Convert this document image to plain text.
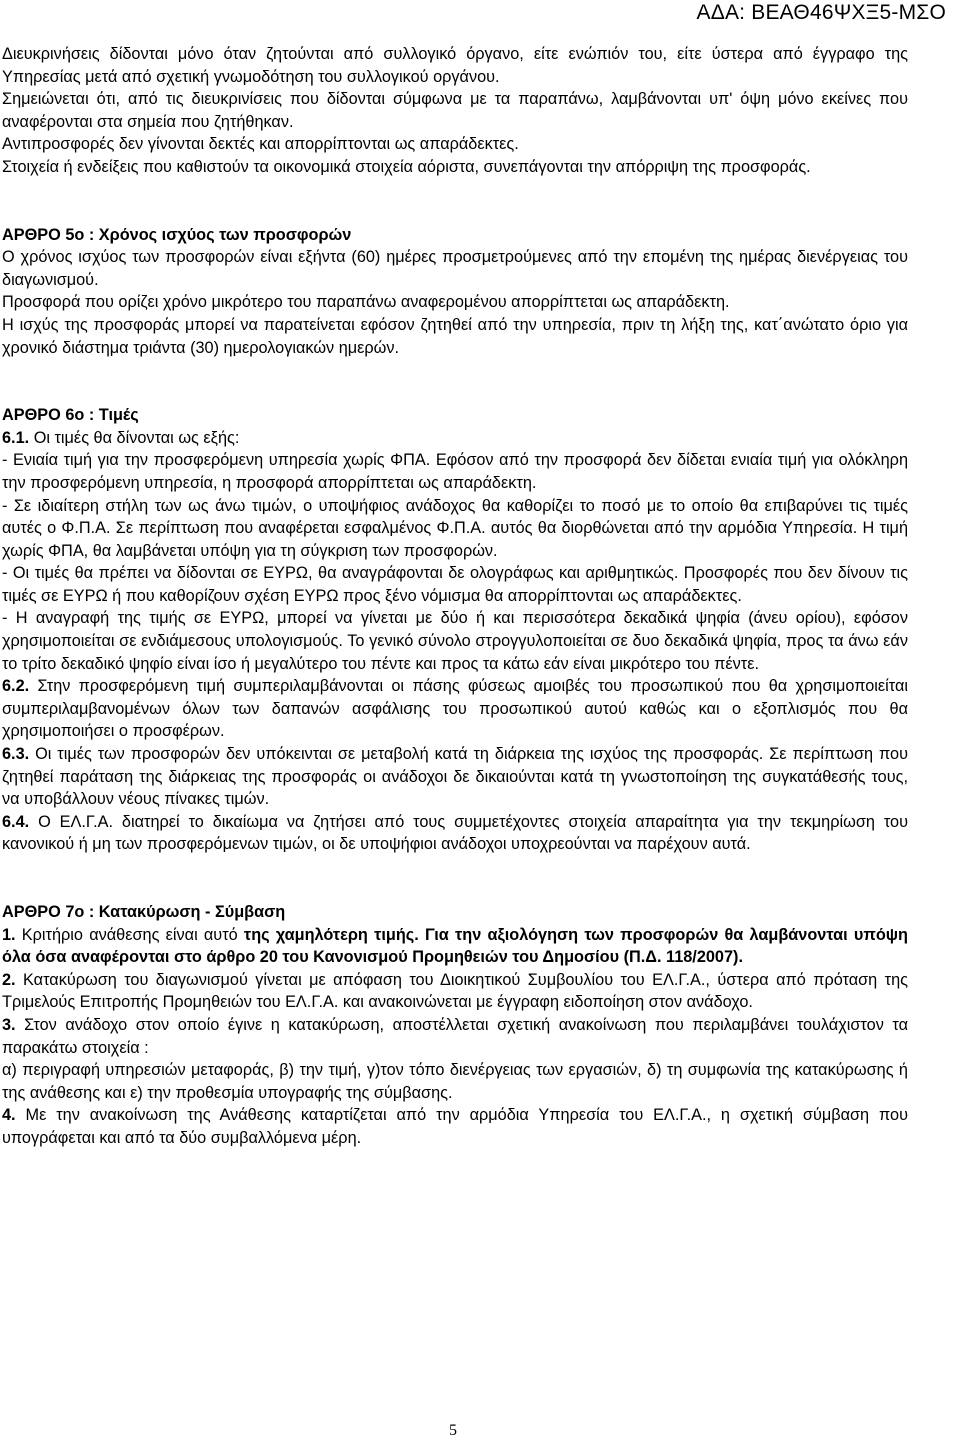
ΑΔΑ: ΒΕΑΘ46ΨΧΞ5-ΜΣΟ

Διευκρινήσεις δίδονται μόνο όταν ζητούνται από συλλογικό όργανο, είτε ενώπιόν του, είτε ύστερα από έγγραφο της Υπηρεσίας μετά από σχετική γνωμοδότηση του συλλογικού οργάνου.

Σημειώνεται ότι, από τις διευκρινίσεις που δίδονται σύμφωνα με τα παραπάνω, λαμβάνονται υπ' όψη μόνο εκείνες που αναφέρονται στα σημεία που ζητήθηκαν.

Αντιπροσφορές δεν γίνονται δεκτές και απορρίπτονται ως απαράδεκτες.

Στοιχεία ή ενδείξεις που καθιστούν τα οικονομικά στοιχεία αόριστα, συνεπάγονται την απόρριψη της προσφοράς.

ΑΡΘΡΟ 5ο : Χρόνος ισχύος των προσφορών

Ο χρόνος ισχύος των προσφορών είναι εξήντα (60) ημέρες προσμετρούμενες από την επομένη της ημέρας διενέργειας του διαγωνισμού.

Προσφορά που ορίζει χρόνο μικρότερο του παραπάνω αναφερομένου απορρίπτεται ως απαράδεκτη.

Η ισχύς της προσφοράς μπορεί να παρατείνεται εφόσον ζητηθεί από την υπηρεσία, πριν τη λήξη της, κατ΄ανώτατο όριο για χρονικό διάστημα τριάντα (30) ημερολογιακών ημερών.

ΑΡΘΡΟ 6ο : Τιμές

6.1. Οι τιμές θα δίνονται ως εξής:

- Ενιαία τιμή για την προσφερόμενη υπηρεσία χωρίς ΦΠΑ. Εφόσον από την προσφορά δεν δίδεται ενιαία τιμή για ολόκληρη την προσφερόμενη υπηρεσία, η προσφορά απορρίπτεται ως απαράδεκτη.

- Σε ιδιαίτερη στήλη των ως άνω τιμών, ο υποψήφιος ανάδοχος θα καθορίζει το ποσό με το οποίο θα επιβαρύνει τις τιμές αυτές ο Φ.Π.Α. Σε περίπτωση που αναφέρεται εσφαλμένος Φ.Π.Α. αυτός θα διορθώνεται από την αρμόδια Υπηρεσία. Η τιμή χωρίς ΦΠΑ, θα λαμβάνεται υπόψη για τη σύγκριση των προσφορών.

- Οι τιμές θα πρέπει να δίδονται σε ΕΥΡΩ, θα αναγράφονται δε ολογράφως και αριθμητικώς. Προσφορές που δεν δίνουν τις τιμές σε ΕΥΡΩ ή που καθορίζουν σχέση ΕΥΡΩ προς ξένο νόμισμα θα απορρίπτονται ως απαράδεκτες.

- Η αναγραφή της τιμής σε ΕΥΡΩ, μπορεί να γίνεται με δύο ή και περισσότερα δεκαδικά ψηφία (άνευ ορίου), εφόσον χρησιμοποιείται σε ενδιάμεσους υπολογισμούς. Το γενικό σύνολο στρογγυλοποιείται σε δυο δεκαδικά ψηφία, προς τα άνω εάν το τρίτο δεκαδικό ψηφίο είναι ίσο ή μεγαλύτερο του πέντε και προς τα κάτω εάν είναι μικρότερο του πέντε.

6.2. Στην προσφερόμενη τιμή συμπεριλαμβάνονται οι πάσης φύσεως αμοιβές του προσωπικού που θα χρησιμοποιείται συμπεριλαμβανομένων όλων των δαπανών ασφάλισης του προσωπικού αυτού καθώς και ο εξοπλισμός που θα χρησιμοποιήσει ο προσφέρων.

6.3. Οι τιμές των προσφορών δεν υπόκεινται σε μεταβολή κατά τη διάρκεια της ισχύος της προσφοράς. Σε περίπτωση που ζητηθεί παράταση της διάρκειας της προσφοράς οι ανάδοχοι δε δικαιούνται κατά τη γνωστοποίηση της συγκατάθεσής τους, να υποβάλλουν νέους πίνακες τιμών.

6.4. Ο ΕΛ.Γ.Α. διατηρεί το δικαίωμα να ζητήσει από τους συμμετέχοντες στοιχεία απαραίτητα για την τεκμηρίωση του κανονικού ή μη των προσφερόμενων τιμών, οι δε υποψήφιοι ανάδοχοι υποχρεούνται να παρέχουν αυτά.

ΑΡΘΡΟ 7ο : Κατακύρωση - Σύμβαση

1. Κριτήριο ανάθεσης είναι αυτό της χαμηλότερη τιμής. Για την αξιολόγηση των προσφορών θα λαμβάνονται υπόψη όλα όσα αναφέρονται στο άρθρο 20 του Κανονισμού Προμηθειών του Δημοσίου (Π.Δ. 118/2007).

2. Κατακύρωση του διαγωνισμού γίνεται με απόφαση του Διοικητικού Συμβουλίου του ΕΛ.Γ.Α., ύστερα από πρόταση της Τριμελούς Επιτροπής Προμηθειών του ΕΛ.Γ.Α. και ανακοινώνεται με έγγραφη ειδοποίηση στον ανάδοχο.

3. Στον ανάδοχο στον οποίο έγινε η κατακύρωση, αποστέλλεται σχετική ανακοίνωση που περιλαμβάνει τουλάχιστον τα παρακάτω στοιχεία :

α) περιγραφή υπηρεσιών μεταφοράς, β) την τιμή, γ)τον τόπο διενέργειας των εργασιών, δ) τη συμφωνία της κατακύρωσης ή της ανάθεσης και ε) την προθεσμία υπογραφής της σύμβασης.

4. Με την ανακοίνωση της Ανάθεσης καταρτίζεται από την αρμόδια Υπηρεσία του ΕΛ.Γ.Α., η σχετική σύμβαση που υπογράφεται και από τα δύο συμβαλλόμενα μέρη.

5
